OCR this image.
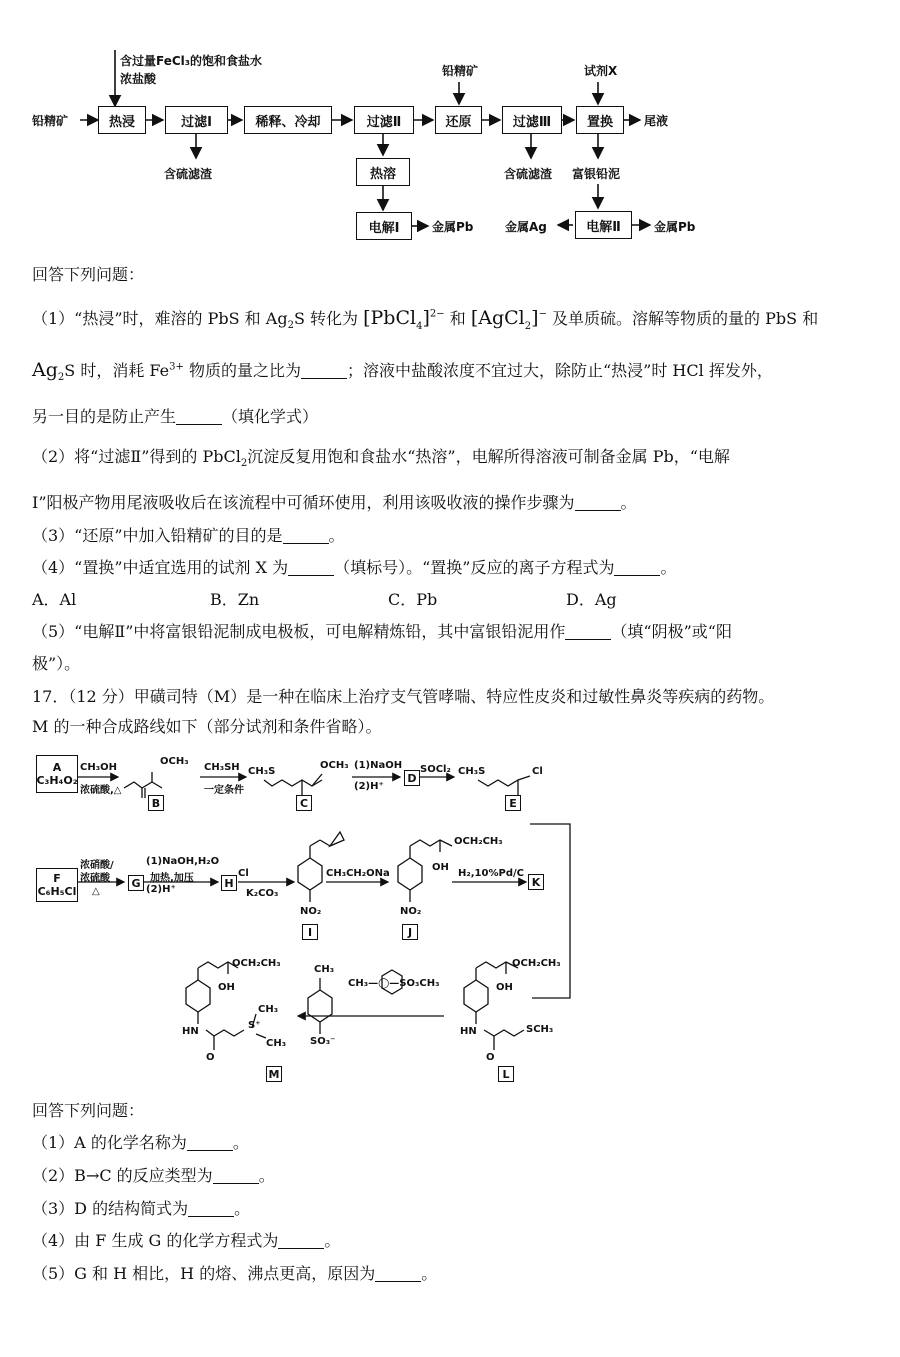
铅精矿
含过量FeCl₃的饱和食盐水
浓盐酸
热浸	过滤Ⅰ	稀释、冷却	过滤Ⅱ	还原	过滤Ⅲ	置换
含硫滤渣	热溶
电解Ⅰ	金属Pb
铅精矿
含硫滤渣
试剂X
尾液
富银铅泥
电解Ⅱ
金属Ag	金属Pb
回答下列问题：
（1）“热浸”时，难溶的 PbS 和 $Ag_2S$ 转化为 [PbCl$_4$]$^{2-}$ 和 [AgCl$_2$]− 及单质硫。溶解等物质的量的 PbS 和
$Ag_2S$ 时，消耗 $Fe^{3+}$ 物质的量之比为	；溶液中盐酸浓度不宜过大，除防止“热浸”时 HCl 挥发外，
另一目的是防止产生	（填化学式）
（2）将“过滤Ⅱ”得到的 PbCl$_2$沉淀反复用饱和食盐水“热溶”，电解所得溶液可制备金属 Pb，“电解
Ⅰ”阳极产物用尾液吸收后在该流程中可循环使用，利用该吸收液的操作步骤为	。
（3）“还原”中加入铅精矿的目的是	。
（4）“置换”中适宜选用的试剂 X 为	（填标号）。“置换”反应的离子方程式为	。
A．Al	B．Zn	C．Pb	D．Ag
（5）“电解Ⅱ”中将富银铅泥制成电极板，可电解精炼铅，其中富银铅泥用作	（填“阴极”或“阳
极”）。
17．（12 分）甲磺司特（M）是一种在临床上治疗支气管哮喘、特应性皮炎和过敏性鼻炎等疾病的药物。
M 的一种合成路线如下（部分试剂和条件省略）。
A
C₃H₄O₂
CH₃OH
浓硫酸,△
OCH₃
B
CH₃SH
一定条件
CH₃S
OCH₃
C
(1)NaOH
(2)H⁺
D
SOCl₂ CH₃S	Cl
E
F
C₆H₅Cl
浓硝酸/
浓硫酸
△
G
(1)NaOH,H₂O
加热,加压
(2)H⁺	H
Cl
K₂CO₃
NO₂
I
CH₃CH₂ONa
OCH₂CH₃
OH
NO₂
J
H₂,10%Pd/C
K
OCH₂CH₃
OH
HN
O
S⁺
CH₃
CH₃
M
CH₃
SO₃⁻
CH₃—◯—SO₃CH₃
OCH₂CH₃
OH
HN
O
SCH₃
L
回答下列问题：
（1）A 的化学名称为	。
（2）B→C 的反应类型为	。
（3）D 的结构简式为	。
（4）由 F 生成 G 的化学方程式为	。
（5）G 和 H 相比，H 的熔、沸点更高，原因为	。
